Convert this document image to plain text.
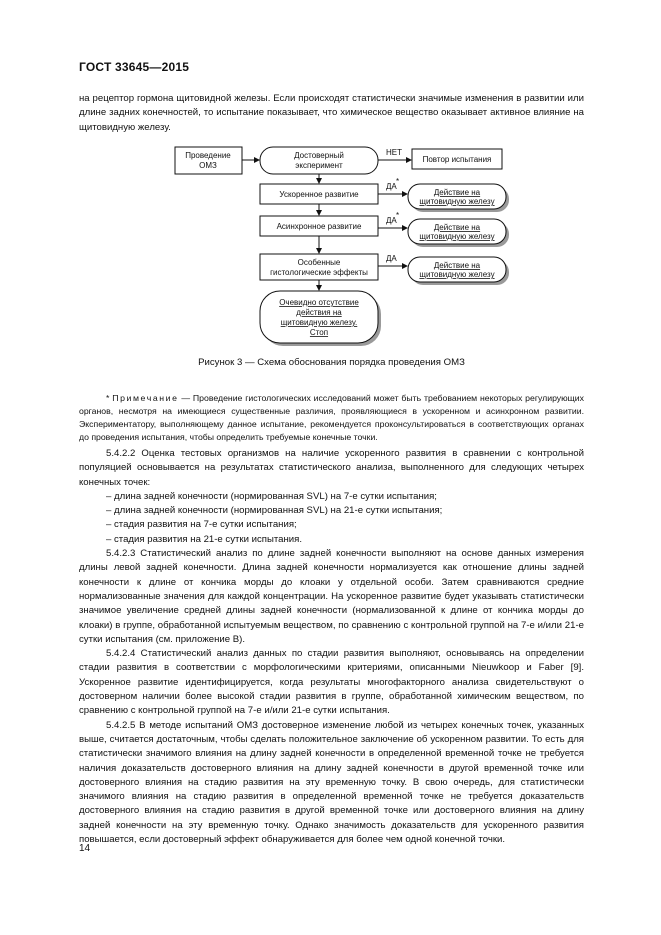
ГОСТ 33645—2015

на рецептор гормона щитовидной железы. Если происходят статистически значимые изменения в развитии или длине задних конечностей, то испытание показывает, что химическое вещество оказывает активное влияние на щитовидную железу.

Проведение
ОМЗ
Достоверный
эксперимент
НЕТ
Повтор испытания
Ускоренное развитие
ДА
*
Действие на
щитовидную железу
Асинхронное развитие
ДА
*
Действие на
щитовидную железу
Особенные
гистологические эффекты
ДА
Действие на
щитовидную железу
Очевидно отсутствие
действия на
щитовидную железу.
Стоп
Рисунок 3 — Схема обоснования порядка проведения ОМЗ

* Примечание — Проведение гистологических исследований может быть требованием некоторых регулирующих органов, несмотря на имеющиеся существенные различия, проявляющиеся в ускоренном и асинхронном развитии. Экспериментатору, выполняющему данное испытание, рекомендуется проконсультироваться в соответствующих органах до проведения испытания, чтобы определить требуемые конечные точки.

5.4.2.2 Оценка тестовых организмов на наличие ускоренного развития в сравнении с контрольной популяцией основывается на результатах статистического анализа, выполненного для следующих четырех конечных точек:

– длина задней конечности (нормированная SVL) на 7-е сутки испытания;

– длина задней конечности (нормированная SVL) на 21-е сутки испытания;

– стадия развития на 7-е сутки испытания;

– стадия развития на 21-е сутки испытания.

5.4.2.3 Статистический анализ по длине задней конечности выполняют на основе данных измерения длины левой задней конечности. Длина задней конечности нормализуется как отношение длины задней конечности к длине от кончика морды до клоаки у отдельной особи. Затем сравниваются средние нормализованные значения для каждой концентрации. На ускоренное развитие будет указывать статистически значимое увеличение средней длины задней конечности (нормализованной к длине от кончика морды до клоаки) в группе, обработанной испытуемым веществом, по сравнению с контрольной группой на 7-е и/или 21-е сутки испытания (см. приложение В).

5.4.2.4 Статистический анализ данных по стадии развития выполняют, основываясь на определении стадии развития в соответствии с морфологическими критериями, описанными Nieuwkoop и Faber [9]. Ускоренное развитие идентифицируется, когда результаты многофакторного анализа свидетельствуют о достоверном наличии более высокой стадии развития в группе, обработанной химическим веществом, по сравнению с контрольной группой на 7-е и/или 21-е сутки испытания.

5.4.2.5 В методе испытаний ОМЗ достоверное изменение любой из четырех конечных точек, указанных выше, считается достаточным, чтобы сделать положительное заключение об ускоренном развитии. То есть для статистически значимого влияния на длину задней конечности в определенной временной точке не требуется наличия доказательств достоверного влияния на длину задней конечности в другой временной точке или достоверного влияния на стадию развития на эту временную точку. В свою очередь, для статистически значимого влияния на стадию развития в определенной временной точке не требуется доказательств достоверного влияния на стадию развития в другой временной точке или достоверного влияния на длину задней конечности на эту временную точку. Однако значимость доказательств для ускоренного развития повышается, если достоверный эффект обнаруживается для более чем одной конечной точки.

14
